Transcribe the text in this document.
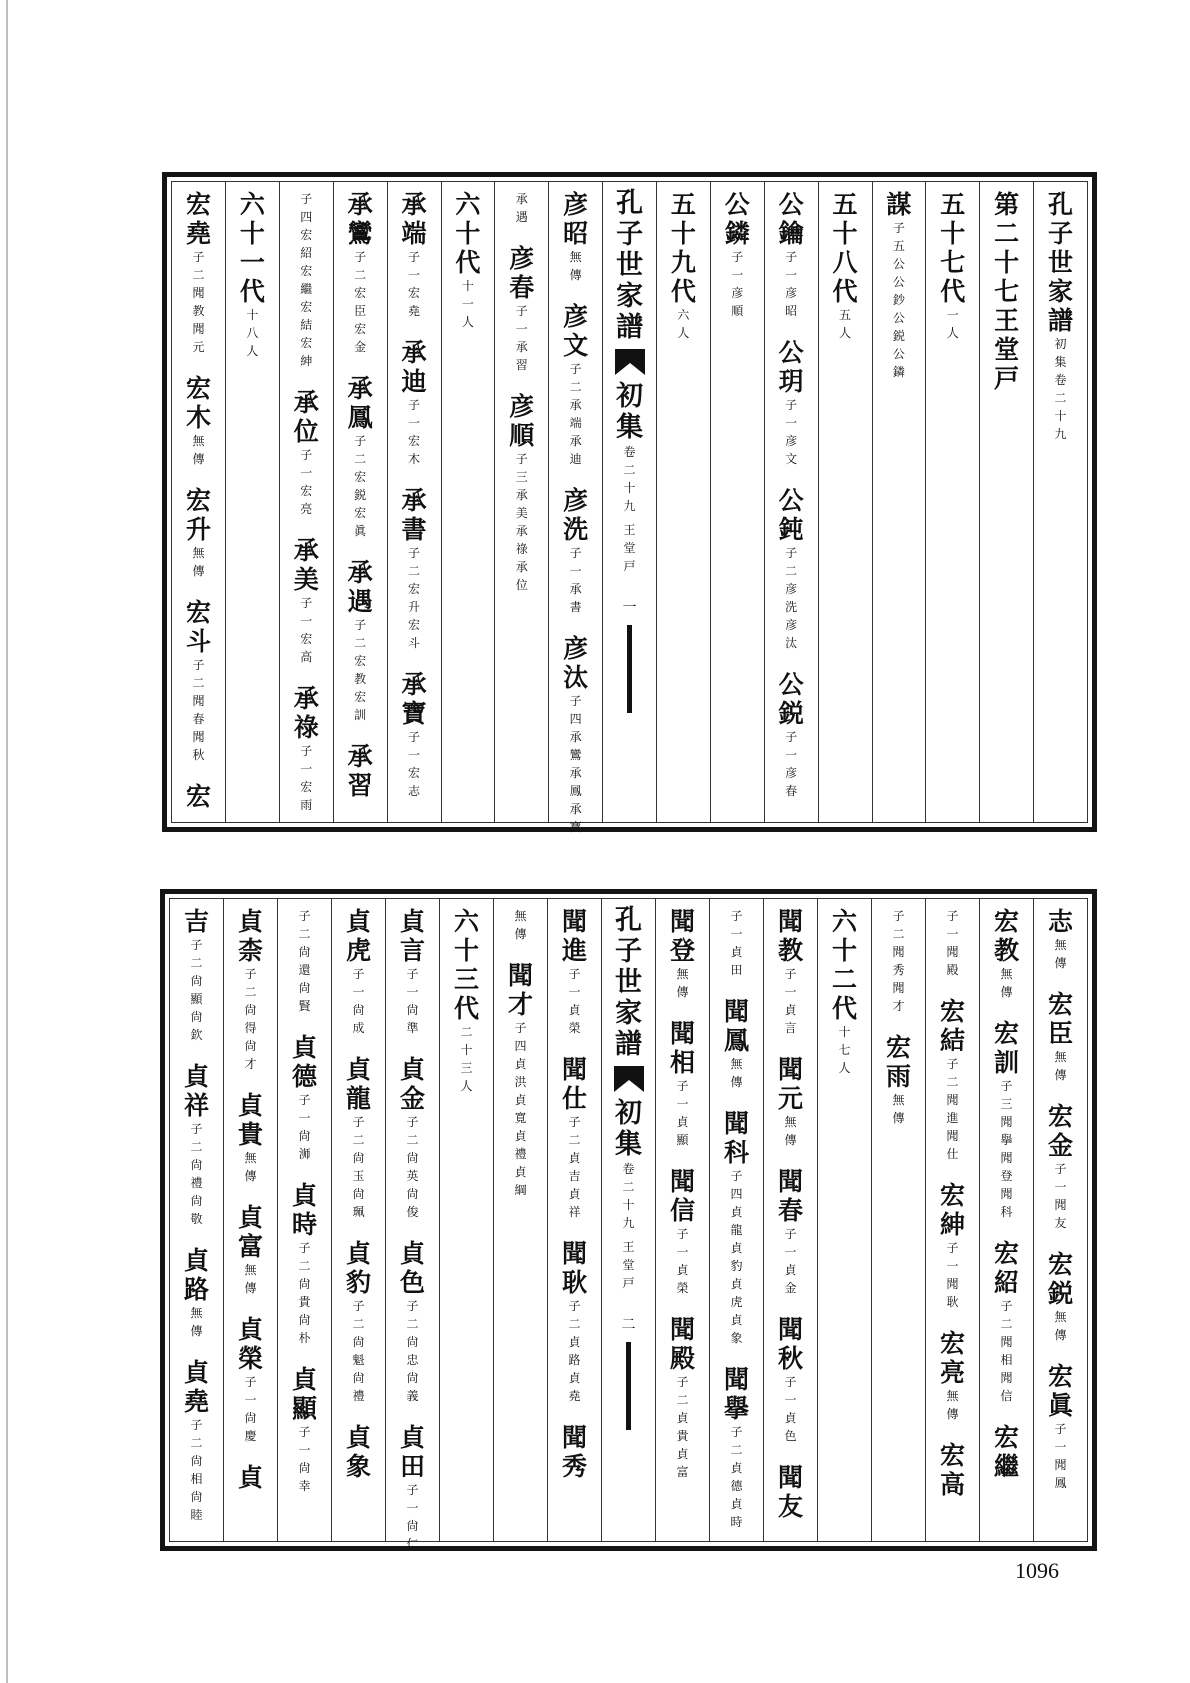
孔
子
世
家
譜
初
集
卷
二
十
九
第
二
十
七
王
堂
戸
五
十
七
代
一
人
謀
子
五
公
公
鈔
公
鋭
公
鏻
五
十
八
代
五
人
公
鑰
子
一
彦
昭
公
玥
子
一
彦
文
公
鈍
子
二
彦
洗
彦
汰
公
鋭
子
一
彦
春
公
鏻
子
一
彦
順
五
十
九
代
六
人
孔
子
世
家
譜
初
集
卷
二
十
九
王
堂
戸
一
彦
昭
無
傳
彦
文
子
二
承
端
承
迪
彦
洗
子
一
承
書
彦
汰
子
四
承
鸞
承
鳳
承
寶
承
遇
彦
春
子
一
承
習
彦
順
子
三
承
美
承
祿
承
位
六
十
代
十
一
人
承
端
子
一
宏
堯
承
迪
子
一
宏
木
承
書
子
二
宏
升
宏
斗
承
寶
子
一
宏
志
承
鸞
子
二
宏
臣
宏
金
承
鳳
子
二
宏
鋭
宏
眞
承
遇
子
二
宏
教
宏
訓
承
習
子
四
宏
紹
宏
繼
宏
結
宏
紳
承
位
子
一
宏
亮
承
美
子
一
宏
高
承
祿
子
一
宏
雨
六
十
一
代
十
八
人
宏
堯
子
二
聞
教
聞
元
宏
木
無
傳
宏
升
無
傳
宏
斗
子
二
聞
春
聞
秋
宏
志
無
傳
宏
臣
無
傳
宏
金
子
一
聞
友
宏
鋭
無
傳
宏
眞
子
一
聞
鳳
宏
教
無
傳
宏
訓
子
三
聞
擧
聞
登
聞
科
宏
紹
子
二
聞
相
聞
信
宏
繼
子
一
聞
殿
宏
結
子
二
聞
進
聞
仕
宏
紳
子
一
聞
耿
宏
亮
無
傳
宏
高
子
二
聞
秀
聞
才
宏
雨
無
傳
六
十
二
代
十
七
人
聞
教
子
一
貞
言
聞
元
無
傳
聞
春
子
一
貞
金
聞
秋
子
一
貞
色
聞
友
子
一
貞
田
聞
鳳
無
傳
聞
科
子
四
貞
龍
貞
豹
貞
虎
貞
象
聞
擧
子
二
貞
德
貞
時
聞
登
無
傳
聞
相
子
一
貞
顯
聞
信
子
一
貞
榮
聞
殿
子
二
貞
貴
貞
富
孔
子
世
家
譜
初
集
卷
二
十
九
王
堂
戸
二
聞
進
子
一
貞
榮
聞
仕
子
二
貞
吉
貞
祥
聞
耿
子
二
貞
路
貞
堯
聞
秀
無
傳
聞
才
子
四
貞
洪
貞
寬
貞
禮
貞
綱
六
十
三
代
二
十
三
人
貞
言
子
一
尙
準
貞
金
子
二
尙
英
尙
俊
貞
色
子
二
尙
忠
尙
義
貞
田
子
一
尙
仁
貞
虎
子
一
尙
成
貞
龍
子
二
尙
玉
尙
珮
貞
豹
子
二
尙
魁
尙
禮
貞
象
子
二
尙
還
尙
賢
貞
德
子
一
尙
浉
貞
時
子
二
尙
貴
尙
朴
貞
顯
子
一
尙
幸
貞
柰
子
二
尙
得
尙
才
貞
貴
無
傳
貞
富
無
傳
貞
榮
子
一
尙
慶
貞
吉
子
二
尙
顯
尙
欽
貞
祥
子
二
尙
禮
尙
敬
貞
路
無
傳
貞
堯
子
二
尙
相
尙
睦
1096
